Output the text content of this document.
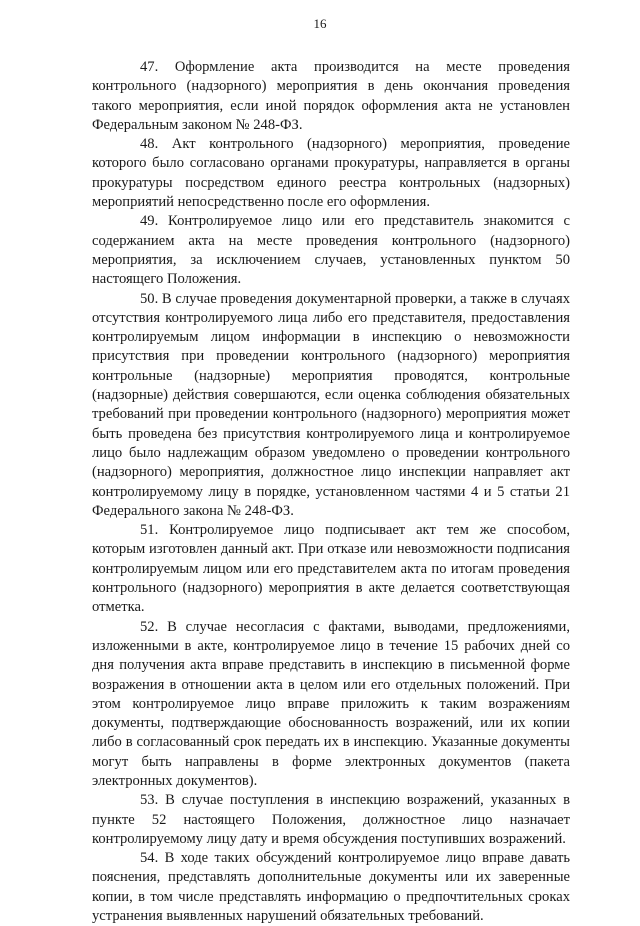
16

47. Оформление акта производится на месте проведения контрольного (надзорного) мероприятия в день окончания проведения такого мероприятия, если иной порядок оформления акта не установлен Федеральным законом № 248-ФЗ.

48. Акт контрольного (надзорного) мероприятия, проведение которого было согласовано органами прокуратуры, направляется в органы прокуратуры посредством единого реестра контрольных (надзорных) мероприятий непосредственно после его оформления.

49. Контролируемое лицо или его представитель знакомится с содержанием акта на месте проведения контрольного (надзорного) мероприятия, за исключением случаев, установленных пунктом 50 настоящего Положения.

50. В случае проведения документарной проверки, а также в случаях отсутствия контролируемого лица либо его представителя, предоставления контролируемым лицом информации в инспекцию о невозможности присутствия при проведении контрольного (надзорного) мероприятия контрольные (надзорные) мероприятия проводятся, контрольные (надзорные) действия совершаются, если оценка соблюдения обязательных требований при проведении контрольного (надзорного) мероприятия может быть проведена без присутствия контролируемого лица и контролируемое лицо было надлежащим образом уведомлено о проведении контрольного (надзорного) мероприятия, должностное лицо инспекции направляет акт контролируемому лицу в порядке, установленном частями 4 и 5 статьи 21 Федерального закона № 248-ФЗ.

51. Контролируемое лицо подписывает акт тем же способом, которым изготовлен данный акт. При отказе или невозможности подписания контролируемым лицом или его представителем акта по итогам проведения контрольного (надзорного) мероприятия в акте делается соответствующая отметка.

52. В случае несогласия с фактами, выводами, предложениями, изложенными в акте, контролируемое лицо в течение 15 рабочих дней со дня получения акта вправе представить в инспекцию в письменной форме возражения в отношении акта в целом или его отдельных положений. При этом контролируемое лицо вправе приложить к таким возражениям документы, подтверждающие обоснованность возражений, или их копии либо в согласованный срок передать их в инспекцию. Указанные документы могут быть направлены в форме электронных документов (пакета электронных документов).

53. В случае поступления в инспекцию возражений, указанных в пункте 52 настоящего Положения, должностное лицо назначает контролируемому лицу дату и время обсуждения поступивших возражений.

54. В ходе таких обсуждений контролируемое лицо вправе давать пояснения, представлять дополнительные документы или их заверенные копии, в том числе представлять информацию о предпочтительных сроках устранения выявленных нарушений обязательных требований.
